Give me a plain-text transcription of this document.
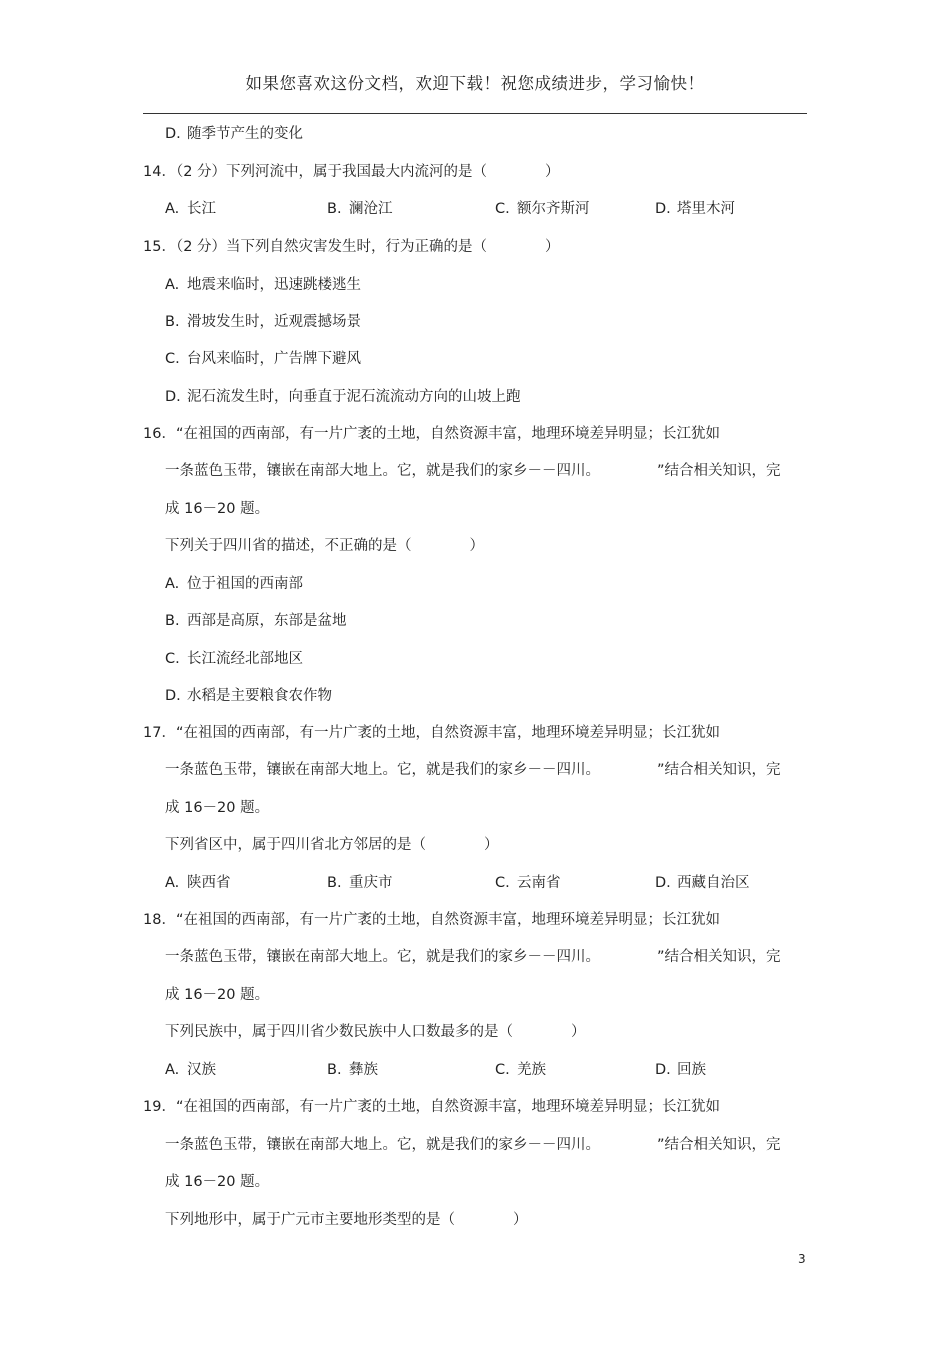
如果您喜欢这份文档，欢迎下载！祝您成绩进步，学习愉快！
D. 随季节产生的变化
14．（2 分）下列河流中，属于我国最大内流河的是（　　　　）
A. 长江	B. 澜沧江	C. 额尔齐斯河	D. 塔里木河
15．（2 分）当下列自然灾害发生时，行为正确的是（　　　　）
A. 地震来临时，迅速跳楼逃生
B. 滑坡发生时，近观震撼场景
C. 台风来临时，广告牌下避风
D. 泥石流发生时，向垂直于泥石流流动方向的山坡上跑
16．“在祖国的西南部，有一片广袤的土地，自然资源丰富，地理环境差异明显；长江犹如
一条蓝色玉带，镶嵌在南部大地上。它，就是我们的家乡－－四川。	”结合相关知识，完
成 16－20 题。
下列关于四川省的描述，不正确的是（　　　　）
A. 位于祖国的西南部
B. 西部是高原，东部是盆地
C. 长江流经北部地区
D. 水稻是主要粮食农作物
17．“在祖国的西南部，有一片广袤的土地，自然资源丰富，地理环境差异明显；长江犹如
一条蓝色玉带，镶嵌在南部大地上。它，就是我们的家乡－－四川。	”结合相关知识，完
成 16－20 题。
下列省区中，属于四川省北方邻居的是（　　　　）
A. 陕西省	B. 重庆市	C. 云南省	D. 西藏自治区
18．“在祖国的西南部，有一片广袤的土地，自然资源丰富，地理环境差异明显；长江犹如
一条蓝色玉带，镶嵌在南部大地上。它，就是我们的家乡－－四川。	”结合相关知识，完
成 16－20 题。
下列民族中，属于四川省少数民族中人口数最多的是（　　　　）
A. 汉族	B. 彝族	C. 羌族	D. 回族
19．“在祖国的西南部，有一片广袤的土地，自然资源丰富，地理环境差异明显；长江犹如
一条蓝色玉带，镶嵌在南部大地上。它，就是我们的家乡－－四川。	”结合相关知识，完
成 16－20 题。
下列地形中，属于广元市主要地形类型的是（　　　　）
3
